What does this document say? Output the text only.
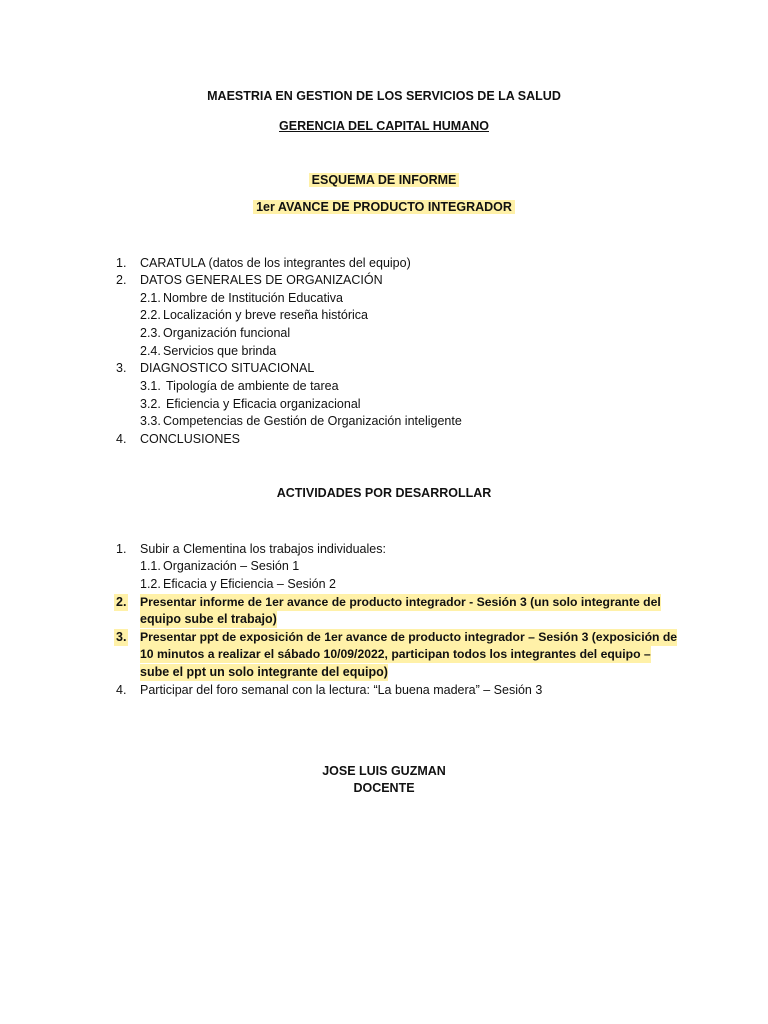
MAESTRIA EN GESTION DE LOS SERVICIOS DE LA SALUD
GERENCIA DEL CAPITAL HUMANO
ESQUEMA DE INFORME
1er AVANCE DE PRODUCTO INTEGRADOR
1. CARATULA (datos de los integrantes del equipo)
2. DATOS GENERALES DE ORGANIZACIÓN
2.1. Nombre de Institución Educativa
2.2. Localización y breve reseña histórica
2.3. Organización funcional
2.4. Servicios que brinda
3. DIAGNOSTICO SITUACIONAL
3.1. Tipología de ambiente de tarea
3.2. Eficiencia y Eficacia organizacional
3.3. Competencias de Gestión de Organización inteligente
4. CONCLUSIONES
ACTIVIDADES POR DESARROLLAR
1. Subir a Clementina los trabajos individuales:
1.1. Organización – Sesión 1
1.2. Eficacia y Eficiencia – Sesión 2
2. Presentar informe de 1er avance de producto integrador - Sesión 3 (un solo integrante del
equipo sube el trabajo)
3. Presentar ppt de exposición de 1er avance de producto integrador – Sesión 3 (exposición de
10 minutos a realizar el sábado 10/09/2022, participan todos los integrantes del equipo –
sube el ppt un solo integrante del equipo)
4. Participar del foro semanal con la lectura: “La buena madera” – Sesión 3
JOSE LUIS GUZMAN
DOCENTE
